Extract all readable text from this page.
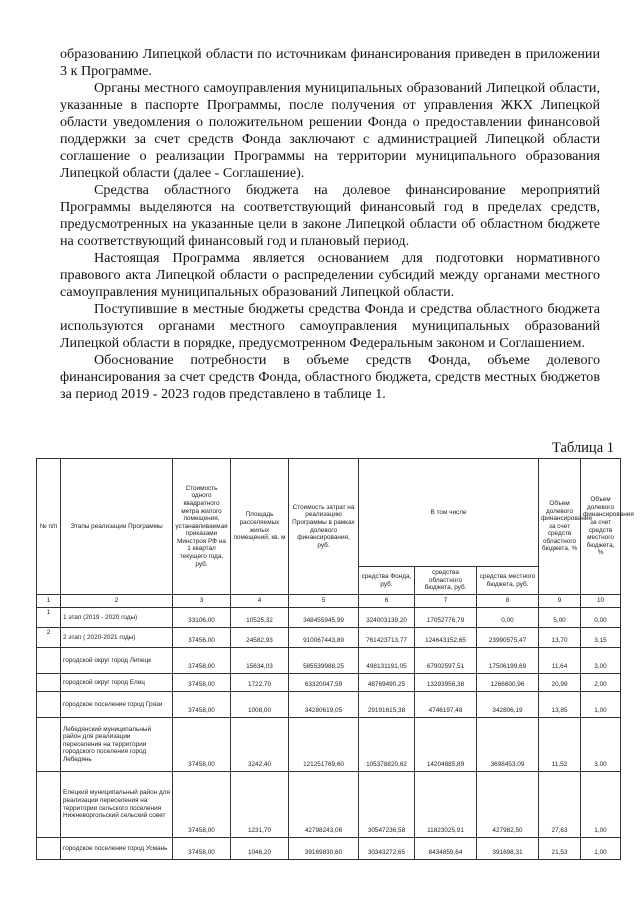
образованию Липецкой области по источникам финансирования приведен в приложении 3 к Программе.

Органы местного самоуправления муниципальных образований Липецкой области, указанные в паспорте Программы, после получения от управления ЖКХ Липецкой области уведомления о положительном решении Фонда о предоставлении финансовой поддержки за счет средств Фонда заключают с администрацией Липецкой области соглашение о реализации Программы на территории муниципального образования Липецкой области (далее - Соглашение).

Средства областного бюджета на долевое финансирование мероприятий Программы выделяются на соответствующий финансовый год в пределах средств, предусмотренных на указанные цели в законе Липецкой области об областном бюджете на соответствующий финансовый год и плановый период.

Настоящая Программа является основанием для подготовки нормативного правового акта Липецкой области о распределении субсидий между органами местного самоуправления муниципальных образований Липецкой области.

Поступившие в местные бюджеты средства Фонда и средства областного бюджета используются органами местного самоуправления муниципальных образований Липецкой области в порядке, предусмотренном Федеральным законом и Соглашением.

Обоснование потребности в объеме средств Фонда, объеме долевого финансирования за счет средств Фонда, областного бюджета, средств местных бюджетов за период 2019 - 2023 годов представлено в таблице 1.

Таблица 1
№ п/п	Этапы реализации Программы	Стоимость одного квадратного метра жилого помещения, устанавливаемая приказами Минстроя РФ на 1 квартал текущего года, руб.	Площадь расселяемых жилых помещений, кв. м	Стоимость затрат на реализацию Программы в рамках долевого финансирования, руб.	В том числе			Объем долевого финансирования за счет средств областного бюджета, %	Объем долевого финансирования за счет средств местного бюджета, %
					средства Фонда, руб.	средства областного бюджета, руб.	средства местного бюджета, руб.		
1	2	3	4	5	6	7	8	9	10
1	1 этап (2019 - 2020 годы)	33106,00	10525,32	348455945,99	324003139,20	17052776,79	0,00	5,00	0,00
2	2 этап ( 2020-2021 годы)	37456,00	24582,93	910067443,89	761423713,77	124643152,65	23990575,47	13,70	3,15
	городской округ город Липецк	37458,00	15634,03	585539988,25	498131191,05	67902597,51	17506199,69	11,64	3,00
	городской округ город Елец	37458,00	1722,70	63320047,59	48769490,25	13293956,38	1266600,96	20,99	2,00
	городское поселение город Грязи	37458,00	1008,00	34280619,05	29191615,38	4746197,48	342806,19	13,85	1,00
	Лебедянский муниципальный район для реализации переселения на территории городского поселения город Лебедянь	37458,00	3242,40	121251769,60	105378820,62	14204885,89	3698453,09	11,52	3,00
	Елецкий муниципальный район для реализации переселения на территории сельского поселения Нижневоргольский сельский совет	37458,00	1231,70	42798243,06	30547236,58	11823025,91	427982,50	27,63	1,00
	городское поселение город Усмань	37458,00	1046,20	39169830,60	30343272,65	8434859,64	391698,31	21,53	1,00
